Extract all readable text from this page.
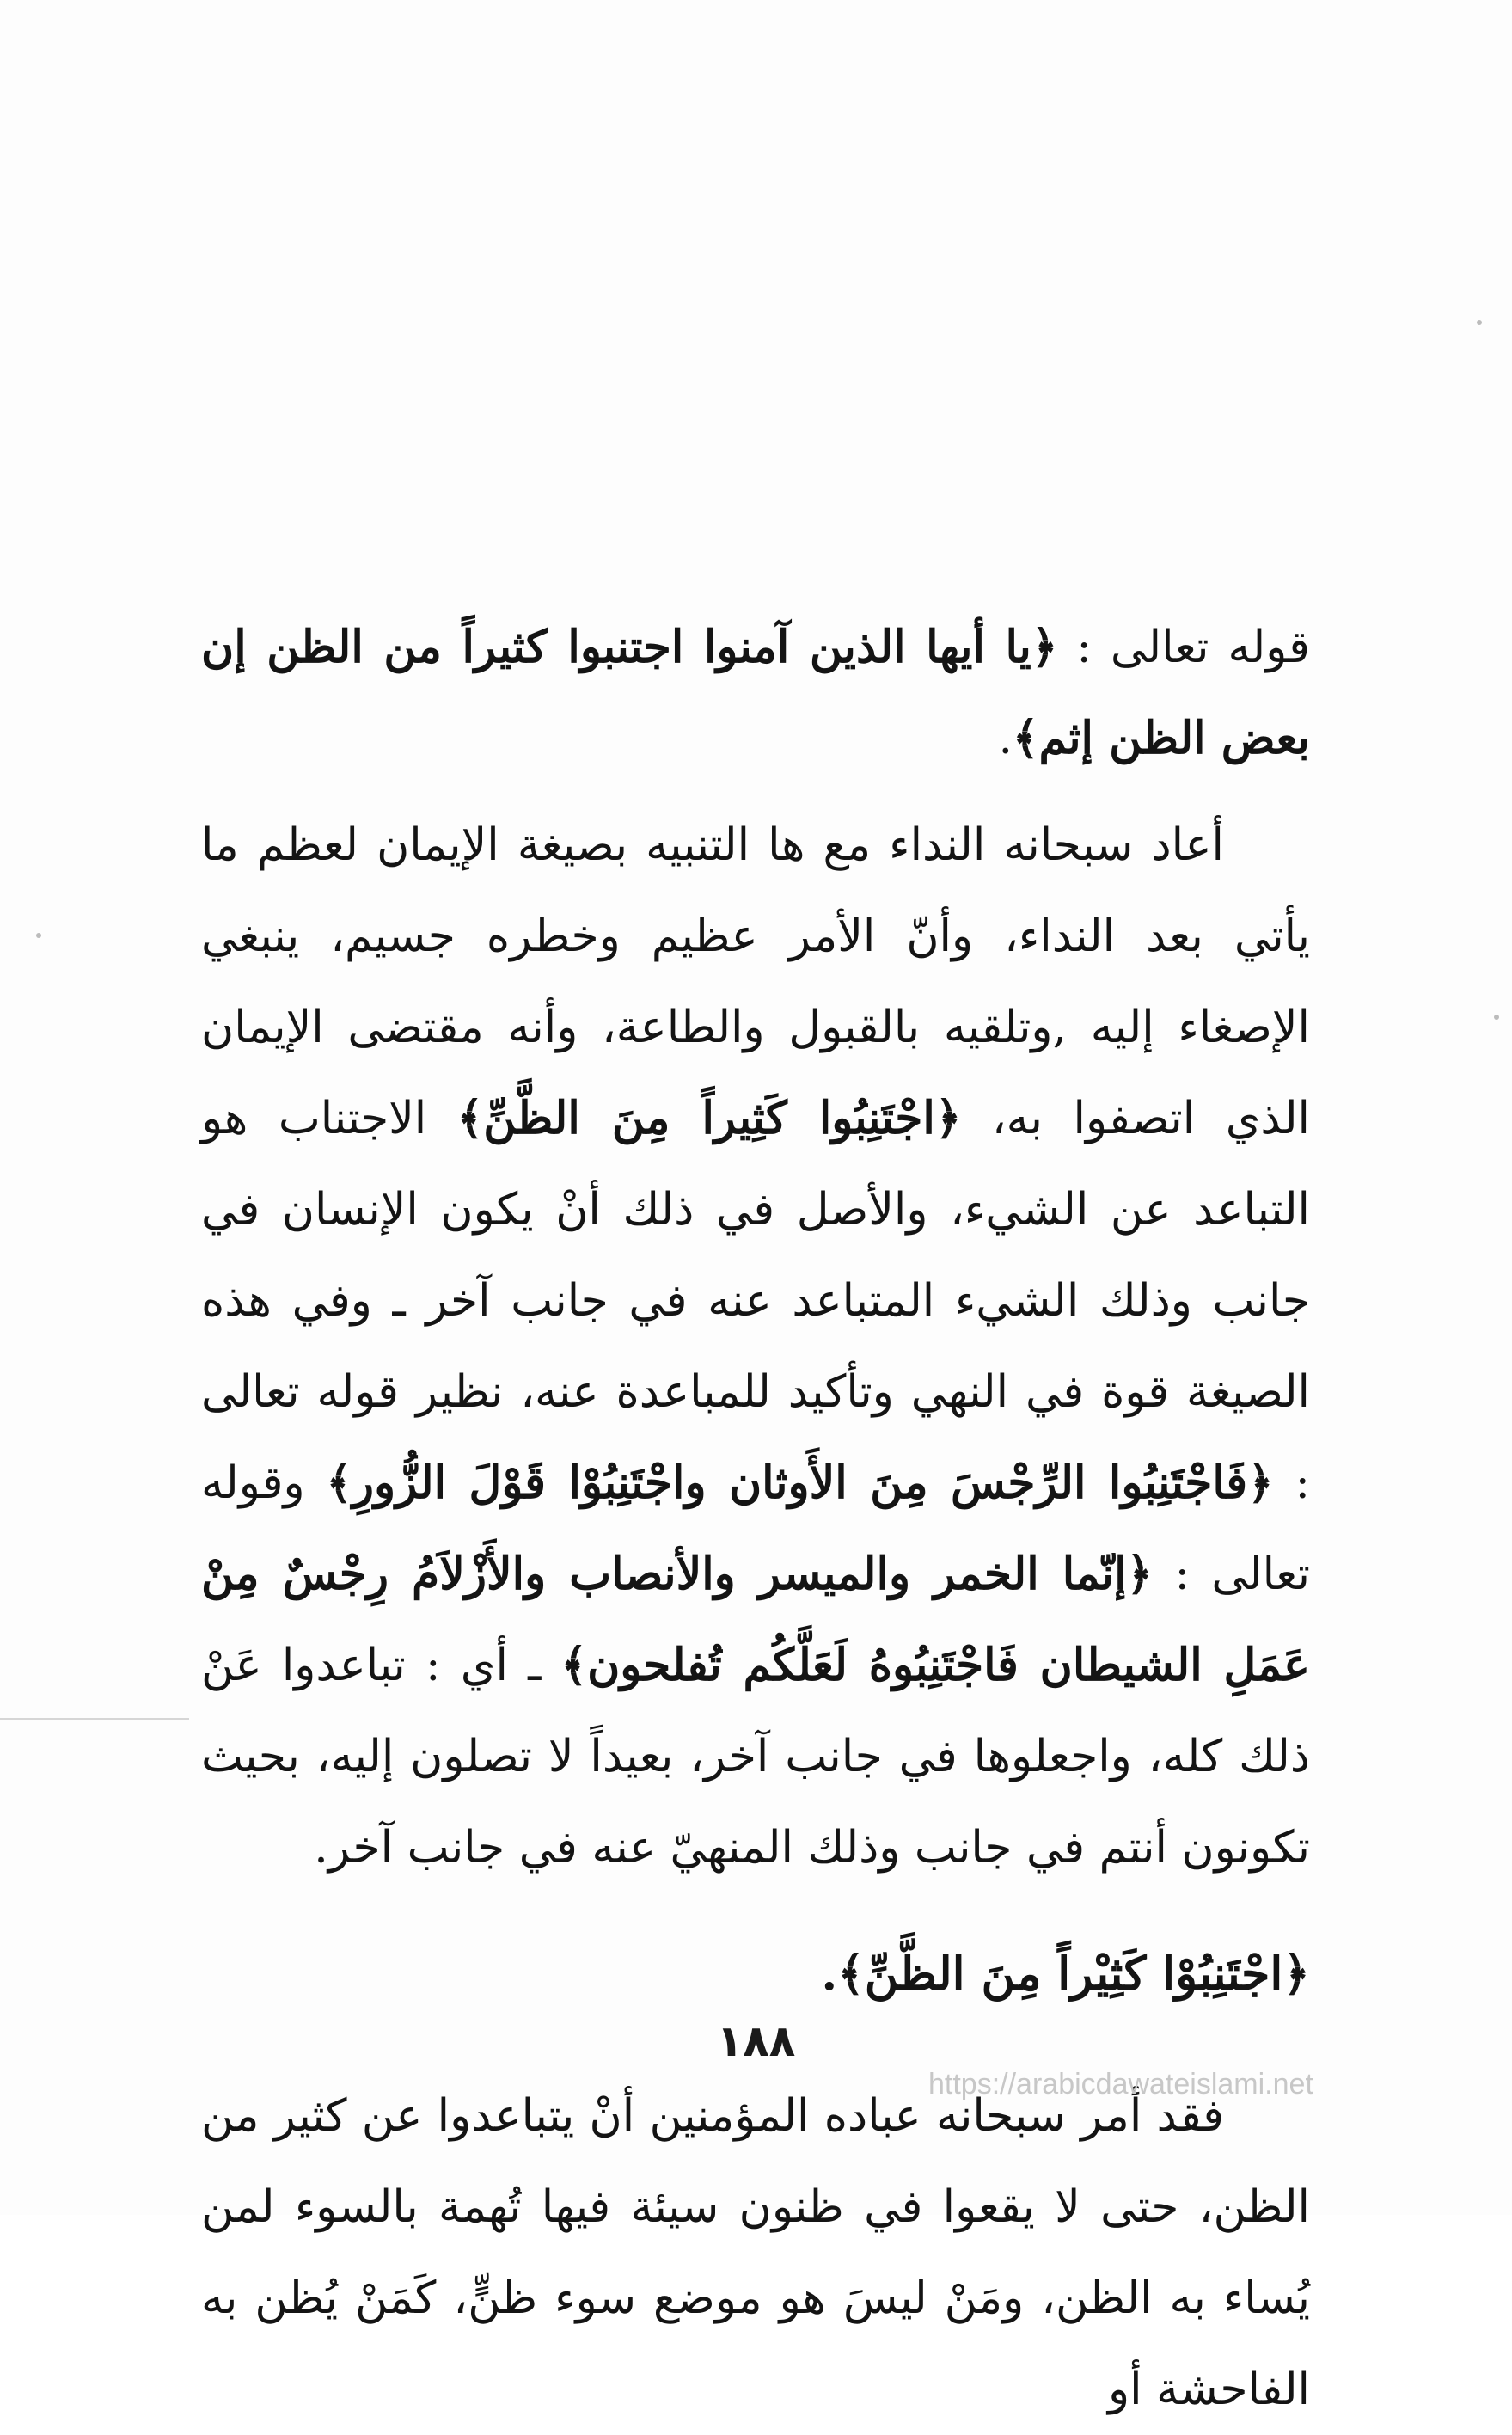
قوله تعالى : ﴿يا أيها الذين آمنوا اجتنبوا كثيراً من الظن إن بعض الظن إثم﴾.

أعاد سبحانه النداء مع ها التنبيه بصيغة الإيمان لعظم ما يأتي بعد النداء، وأنّ الأمر عظيم وخطره جسيم، ينبغي الإصغاء إليه ,وتلقيه بالقبول والطاعة، وأنه مقتضى الإيمان الذي اتصفوا به، ﴿اجْتَنِبُوا كَثِيراً مِنَ الظَّنِّ﴾ الاجتناب هو التباعد عن الشيء، والأصل في ذلك أنْ يكون الإنسان في جانب وذلك الشيء المتباعد عنه في جانب آخر ـ وفي هذه الصيغة قوة في النهي وتأكيد للمباعدة عنه، نظير قوله تعالى : ﴿فَاجْتَنِبُوا الرِّجْسَ مِنَ الأَوثان واجْتَنِبُوْا قَوْلَ الزُّورِ﴾ وقوله تعالى : ﴿إنّما الخمر والميسر والأنصاب والأَزْلاَمُ رِجْسٌ مِنْ عَمَلِ الشيطان فَاجْتَنِبُوهُ لَعَلَّكُم تُفلحون﴾ ـ أي : تباعدوا عَنْ ذلك كله، واجعلوها في جانب آخر، بعيداً لا تصلون إليه، بحيث تكونون أنتم في جانب وذلك المنهيّ عنه في جانب آخر.

﴿اجْتَنِبُوْا كَثِيْراً مِنَ الظَّنِّ﴾.

فقد أمر سبحانه عباده المؤمنين أنْ يتباعدوا عن كثير من الظن، حتى لا يقعوا في ظنون سيئة فيها تُهمة بالسوء لمن يُساء به الظن، ومَنْ ليسَ هو موضع سوء ظنٍّ، كَمَنْ يُظن به الفاحشة أو

١٨٨
https://arabicdawateislami.net
